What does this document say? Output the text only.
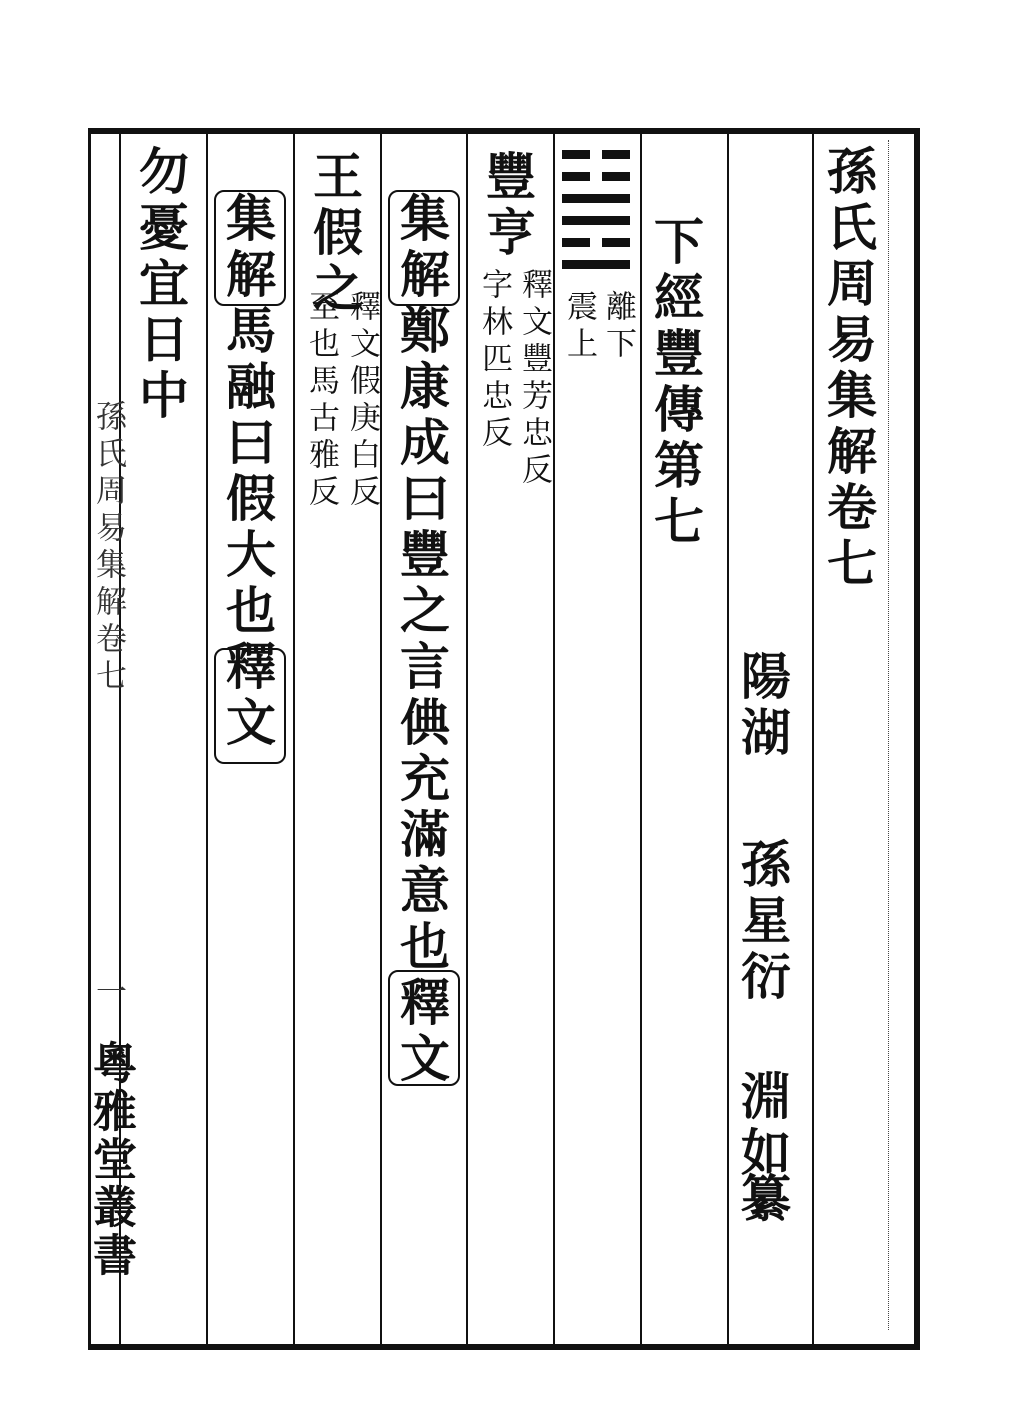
孫氏周易集解卷七
陽湖
孫星衍
淵如
纂
下經豐傳第七
離下
震上
豐亨
釋文豐芳忠反
字林匹忠反
集解鄭康成曰豐之言倎充滿意也釋文
王假之
釋文假庚白反
至也馬古雅反
集解馬融曰假大也釋文
勿憂宜日中
孫氏周易集解卷七
一
粵雅堂叢書
